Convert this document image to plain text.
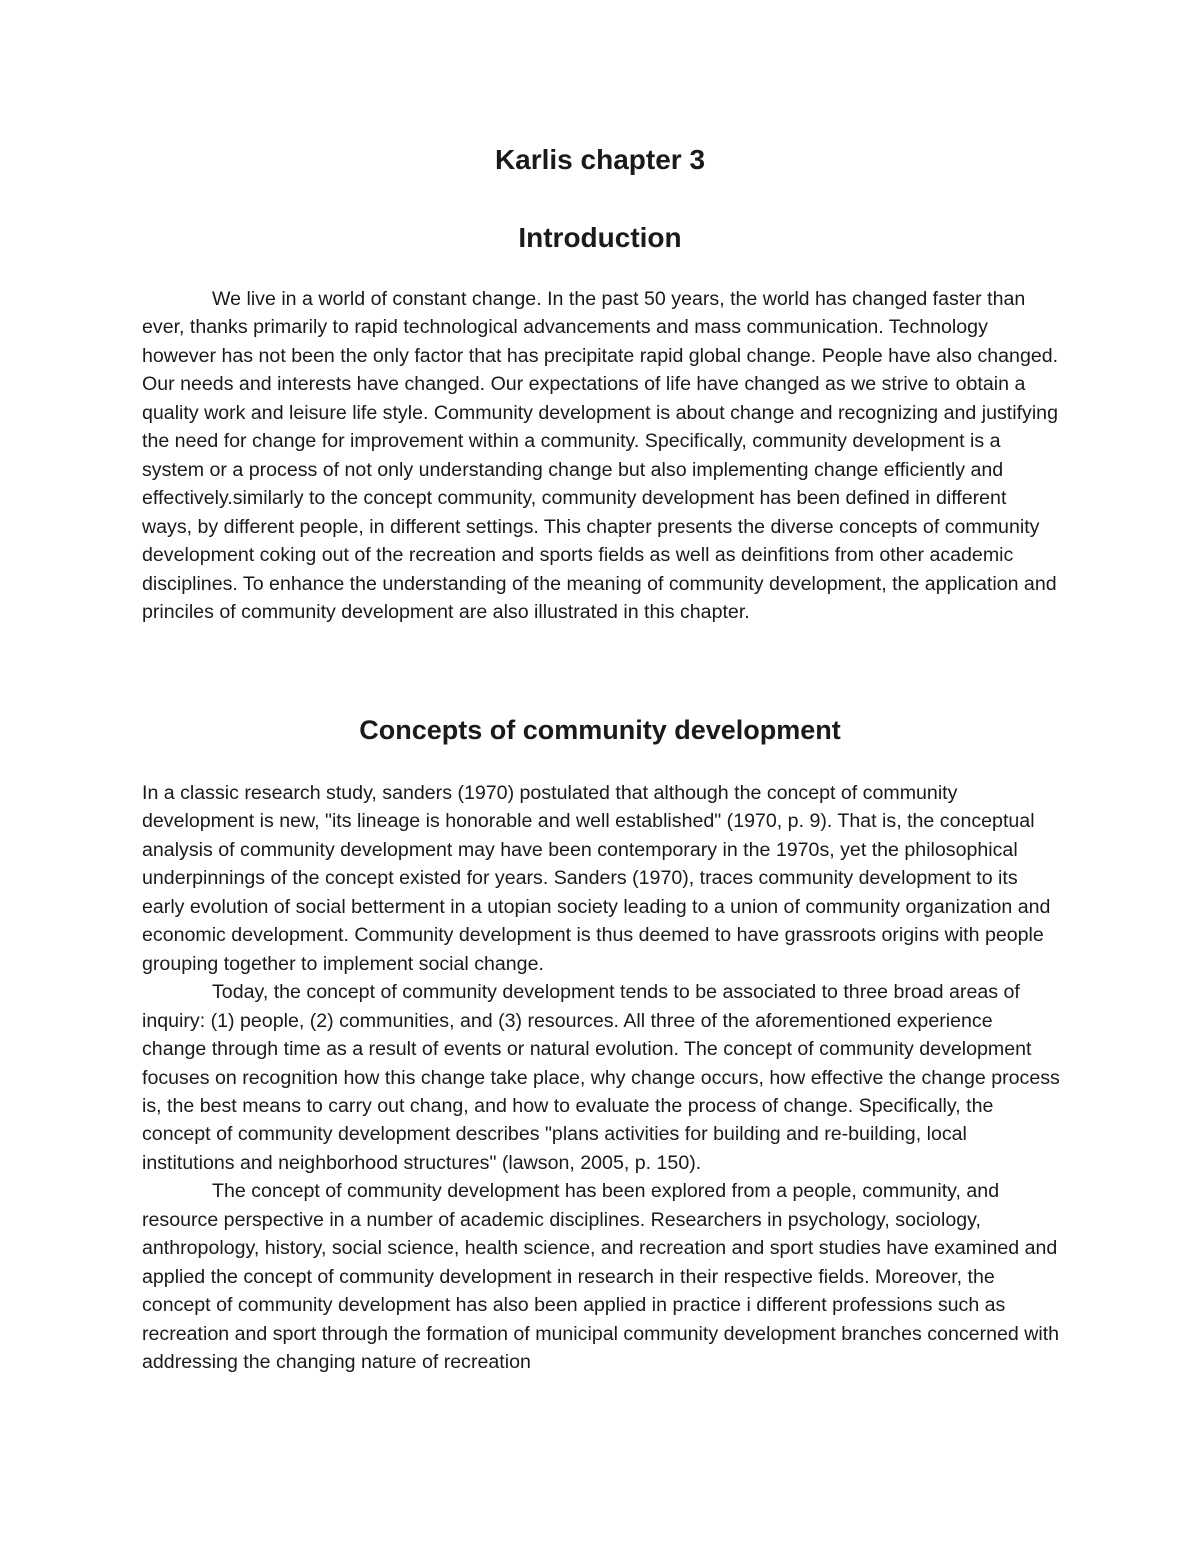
Karlis chapter 3
Introduction

We live in a world of constant change. In the past 50 years, the world has changed faster than ever, thanks primarily to rapid technological advancements and mass communication. Technology however has not been the only factor that has precipitate rapid global change. People have also changed. Our needs and interests have changed. Our expectations of life have changed as we strive to obtain a quality work and leisure life style. Community development is about change and recognizing and justifying the need for change for improvement within a community. Specifically, community development is a system or a process of not only understanding change but also implementing change efficiently and effectively.similarly to the concept community, community development has been defined in different ways, by different people, in different settings. This chapter presents the diverse concepts of community development coking out of the recreation and sports fields as well as deinfitions from other academic disciplines. To enhance the understanding of the meaning of community development, the application and princiles of community development are also illustrated in this chapter.

Concepts of community development

In a classic research study, sanders (1970) postulated that although the concept of community development is new, "its lineage is honorable and well established" (1970, p. 9). That is, the conceptual analysis of community development may have been contemporary in the 1970s, yet the philosophical underpinnings of the concept existed for years. Sanders (1970), traces community development to its early evolution of social betterment in a utopian society leading to a union of community organization and economic development. Community development is thus deemed to have grassroots origins with people grouping together to implement social change.

Today, the concept of community development tends to be associated to three broad areas of inquiry: (1) people, (2) communities, and (3) resources. All three of the aforementioned experience change through time as a result of events or natural evolution. The concept of community development focuses on recognition how this change take place, why change occurs, how effective the change process is, the best means to carry out chang, and how to evaluate the process of change. Specifically, the concept of community development describes "plans activities for building and re-building, local institutions and neighborhood structures" (lawson, 2005, p. 150).

The concept of community development has been explored from a people, community, and resource perspective in a number of academic disciplines. Researchers in psychology, sociology, anthropology, history, social science, health science, and recreation and sport studies have examined and applied the concept of community development in research in their respective fields. Moreover, the concept of community development has also been applied in practice i different professions such as recreation and sport through the formation of municipal community development branches concerned with addressing the changing nature of recreation
